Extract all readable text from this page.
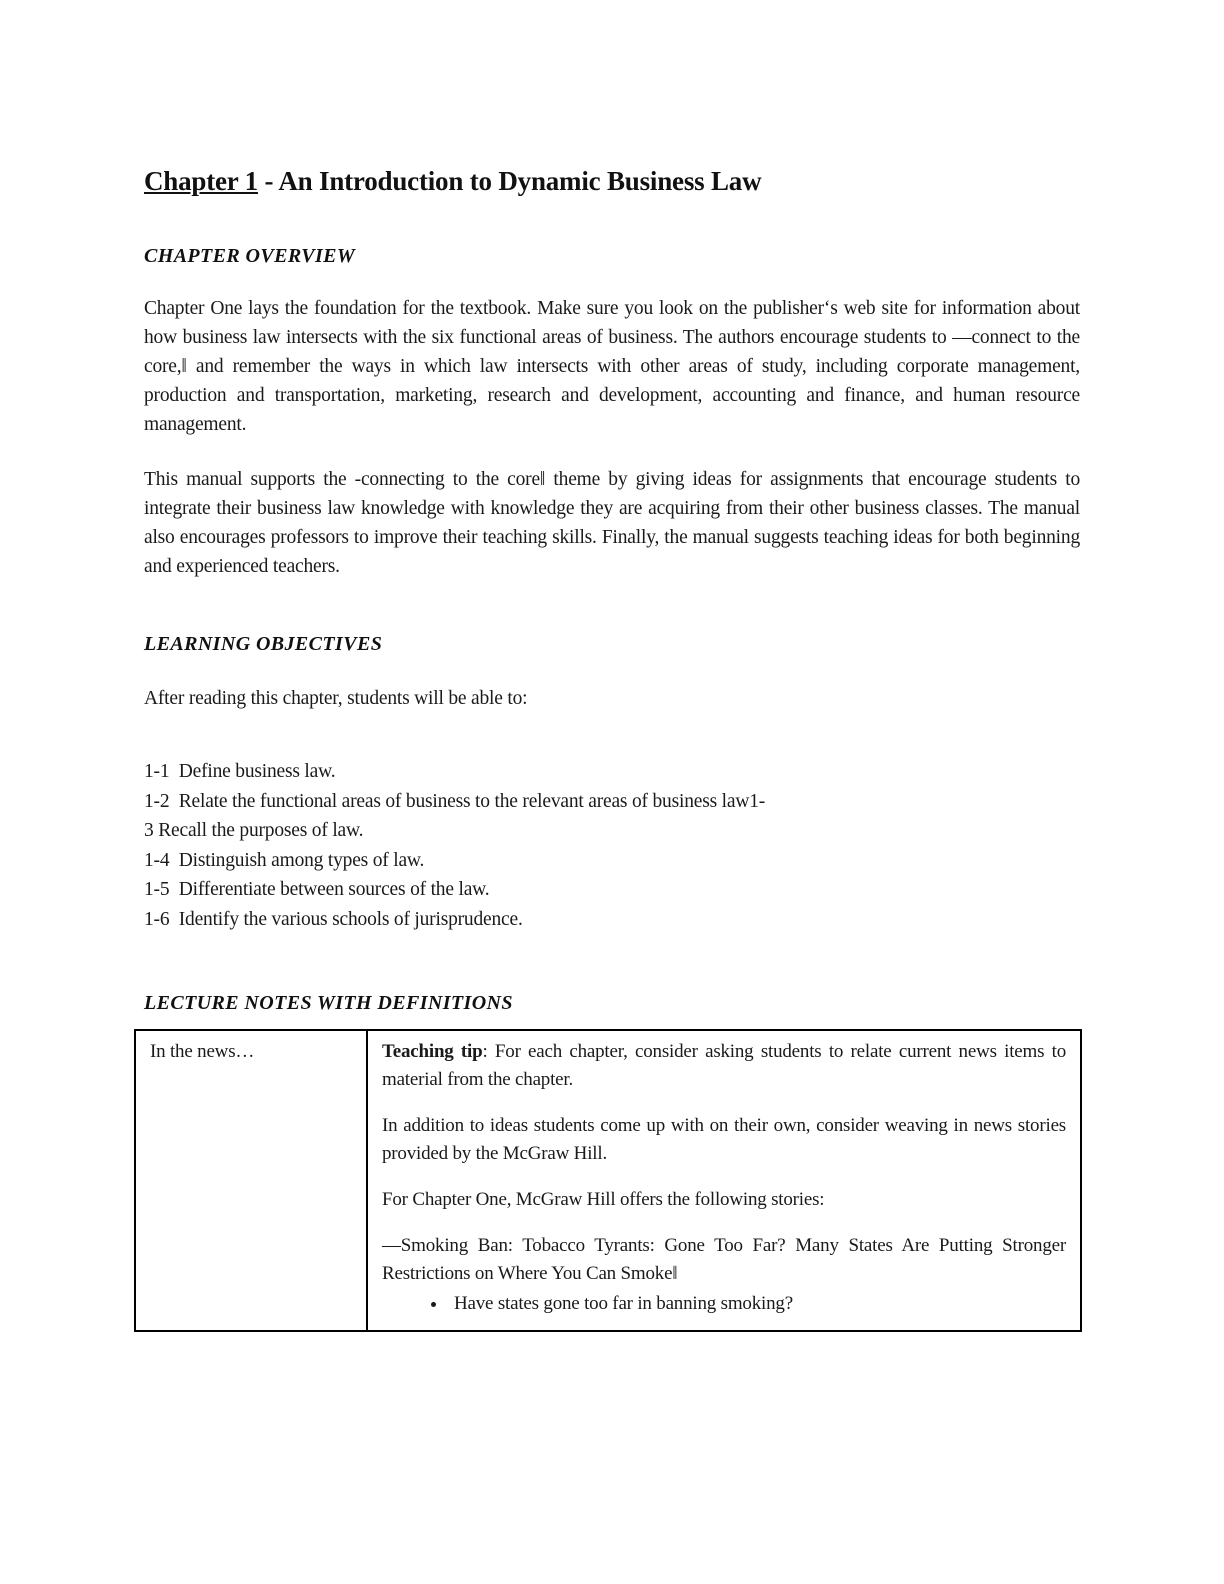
Chapter 1 - An Introduction to Dynamic Business Law
CHAPTER OVERVIEW

Chapter One lays the foundation for the textbook. Make sure you look on the publisher‘s web site for information about how business law intersects with the six functional areas of business. The authors encourage students to ―connect to the core,‖ and remember the ways in which law intersects with other areas of study, including corporate management, production and transportation, marketing, research and development, accounting and finance, and human resource management.

This manual supports the -connecting to the core‖ theme by giving ideas for assignments that encourage students to integrate their business law knowledge with knowledge they are acquiring from their other business classes. The manual also encourages professors to improve their teaching skills. Finally, the manual suggests teaching ideas for both beginning and experienced teachers.

LEARNING OBJECTIVES

After reading this chapter, students will be able to:

1-1  Define business law.
1-2  Relate the functional areas of business to the relevant areas of business law1-
3 Recall the purposes of law.
1-4  Distinguish among types of law.
1-5  Differentiate between sources of the law.
1-6  Identify the various schools of jurisprudence.
LECTURE NOTES WITH DEFINITIONS
In the news…	Teaching tip: For each chapter, consider asking students to relate current news items to material from the chapter.

In addition to ideas students come up with on their own, consider weaving in news stories provided by the McGraw Hill.

For Chapter One, McGraw Hill offers the following stories:

―Smoking Ban: Tobacco Tyrants: Gone Too Far? Many States Are Putting Stronger Restrictions on Where You Can Smoke‖

• Have states gone too far in banning smoking?
